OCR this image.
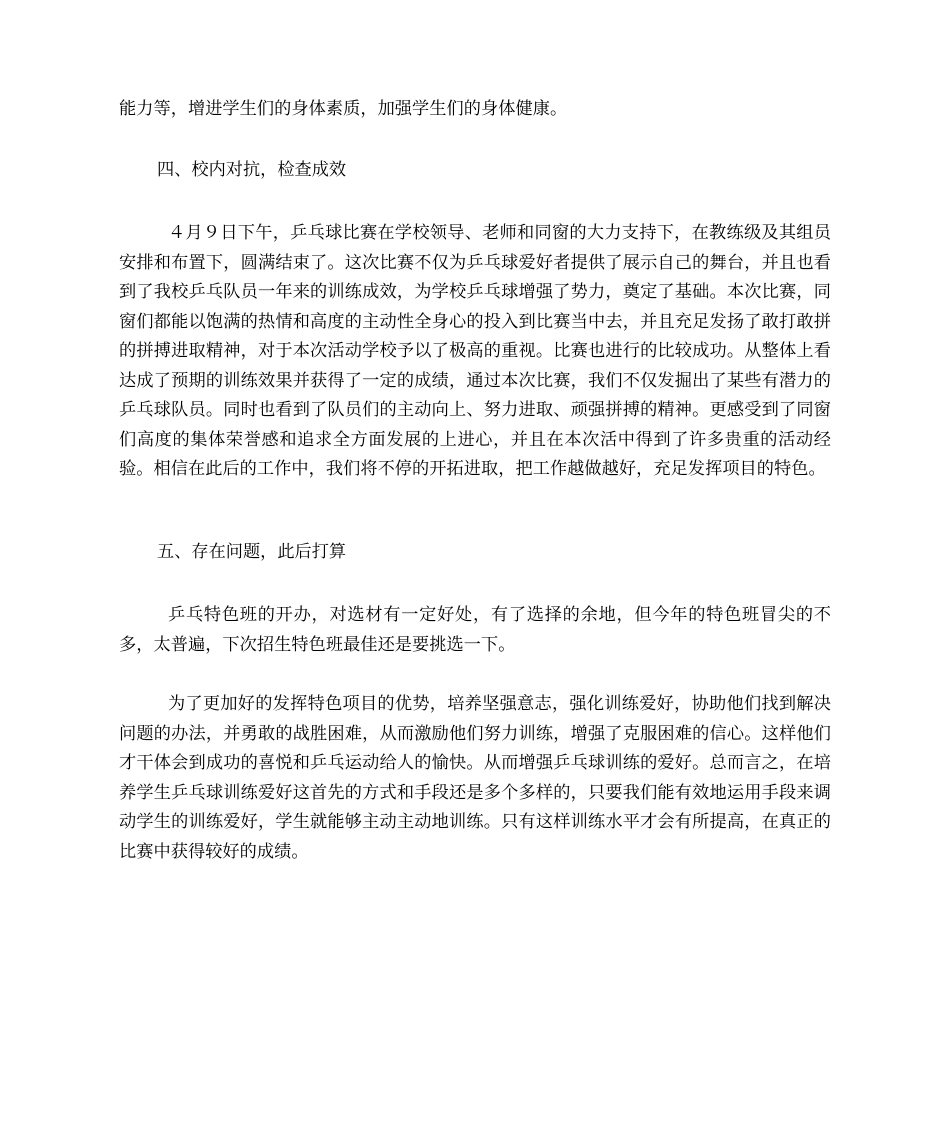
能力等，增进学生们的身体素质，加强学生们的身体健康。

四、校内对抗，检查成效

４月９日下午，乒乓球比赛在学校领导、老师和同窗的大力支持下，在教练级及其组员安排和布置下，圆满结束了。这次比赛不仅为乒乓球爱好者提供了展示自己的舞台，并且也看到了我校乒乓队员一年来的训练成效，为学校乒乓球增强了势力，奠定了基础。本次比赛，同窗们都能以饱满的热情和高度的主动性全身心的投入到比赛当中去，并且充足发扬了敢打敢拼的拼搏进取精神，对于本次活动学校予以了极高的重视。比赛也进行的比较成功。从整体上看达成了预期的训练效果并获得了一定的成绩，通过本次比赛，我们不仅发掘出了某些有潜力的乒乓球队员。同时也看到了队员们的主动向上、努力进取、顽强拼搏的精神。更感受到了同窗们高度的集体荣誉感和追求全方面发展的上进心，并且在本次活中得到了许多贵重的活动经验。相信在此后的工作中，我们将不停的开拓进取，把工作越做越好，充足发挥项目的特色。

五、存在问题，此后打算

乒乓特色班的开办，对选材有一定好处，有了选择的余地，但今年的特色班冒尖的不多，太普遍，下次招生特色班最佳还是要挑选一下。

为了更加好的发挥特色项目的优势，培养坚强意志，强化训练爱好，协助他们找到解决问题的办法，并勇敢的战胜困难，从而激励他们努力训练，增强了克服困难的信心。这样他们才干体会到成功的喜悦和乒乓运动给人的愉快。从而增强乒乓球训练的爱好。总而言之，在培养学生乒乓球训练爱好这首先的方式和手段还是多个多样的，只要我们能有效地运用手段来调动学生的训练爱好，学生就能够主动主动地训练。只有这样训练水平才会有所提高，在真正的比赛中获得较好的成绩。
